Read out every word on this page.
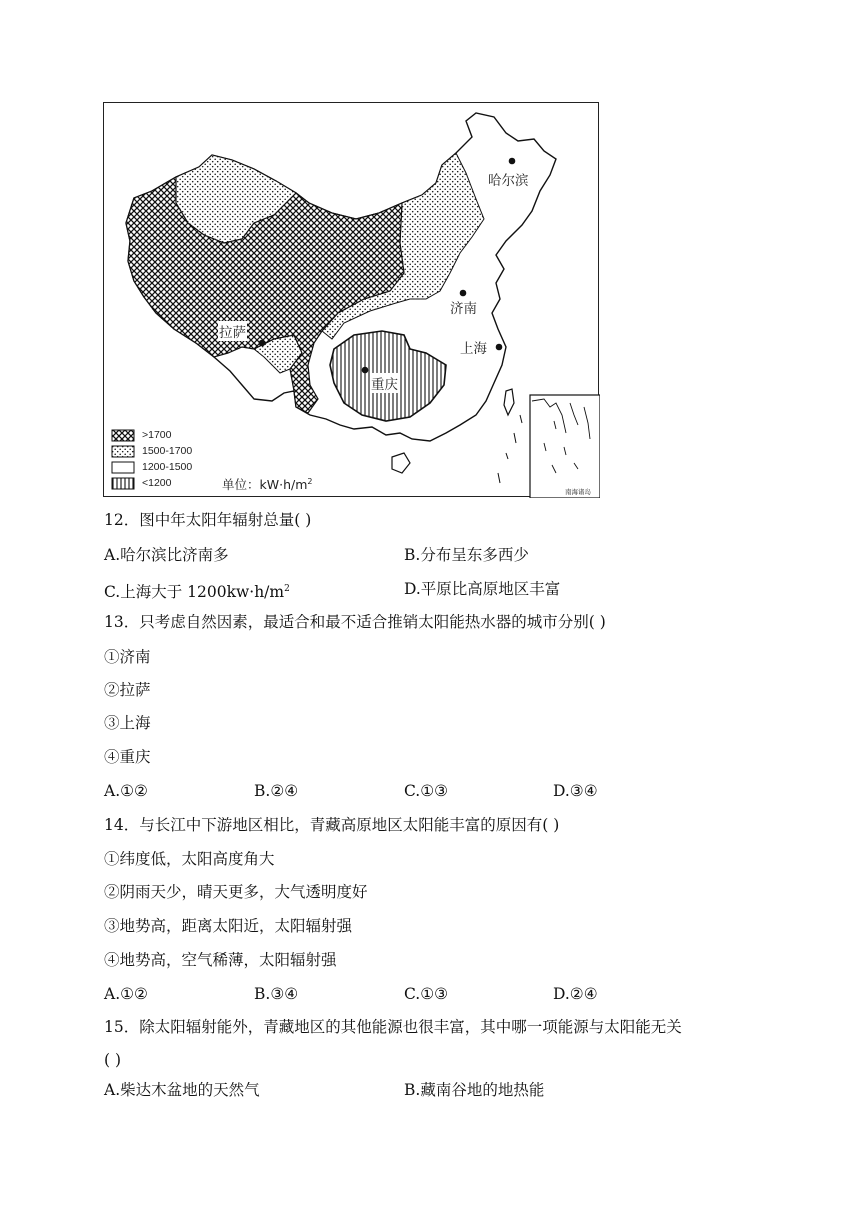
哈尔滨
济南
拉萨
上海
重庆
>1700
1500-1700
1200-1500
<1200	单位：$kW\cdot h/m^2$
南海诸岛
12．图中年太阳年辐射总量( )
A.哈尔滨比济南多	B.分布呈东多西少
C.上海大于 $1200kw\cdot h/m^2$	D.平原比高原地区丰富
13．只考虑自然因素，最适合和最不适合推销太阳能热水器的城市分别( )
①济南
②拉萨
③上海
④重庆
A.①②	B.②④	C.①③	D.③④
14．与长江中下游地区相比，青藏高原地区太阳能丰富的原因有( )
①纬度低，太阳高度角大
②阴雨天少，晴天更多，大气透明度好
③地势高，距离太阳近，太阳辐射强
④地势高，空气稀薄，太阳辐射强
A.①②	B.③④	C.①③	D.②④
15．除太阳辐射能外，青藏地区的其他能源也很丰富，其中哪一项能源与太阳能无关
( )
A.柴达木盆地的天然气	B.藏南谷地的地热能
